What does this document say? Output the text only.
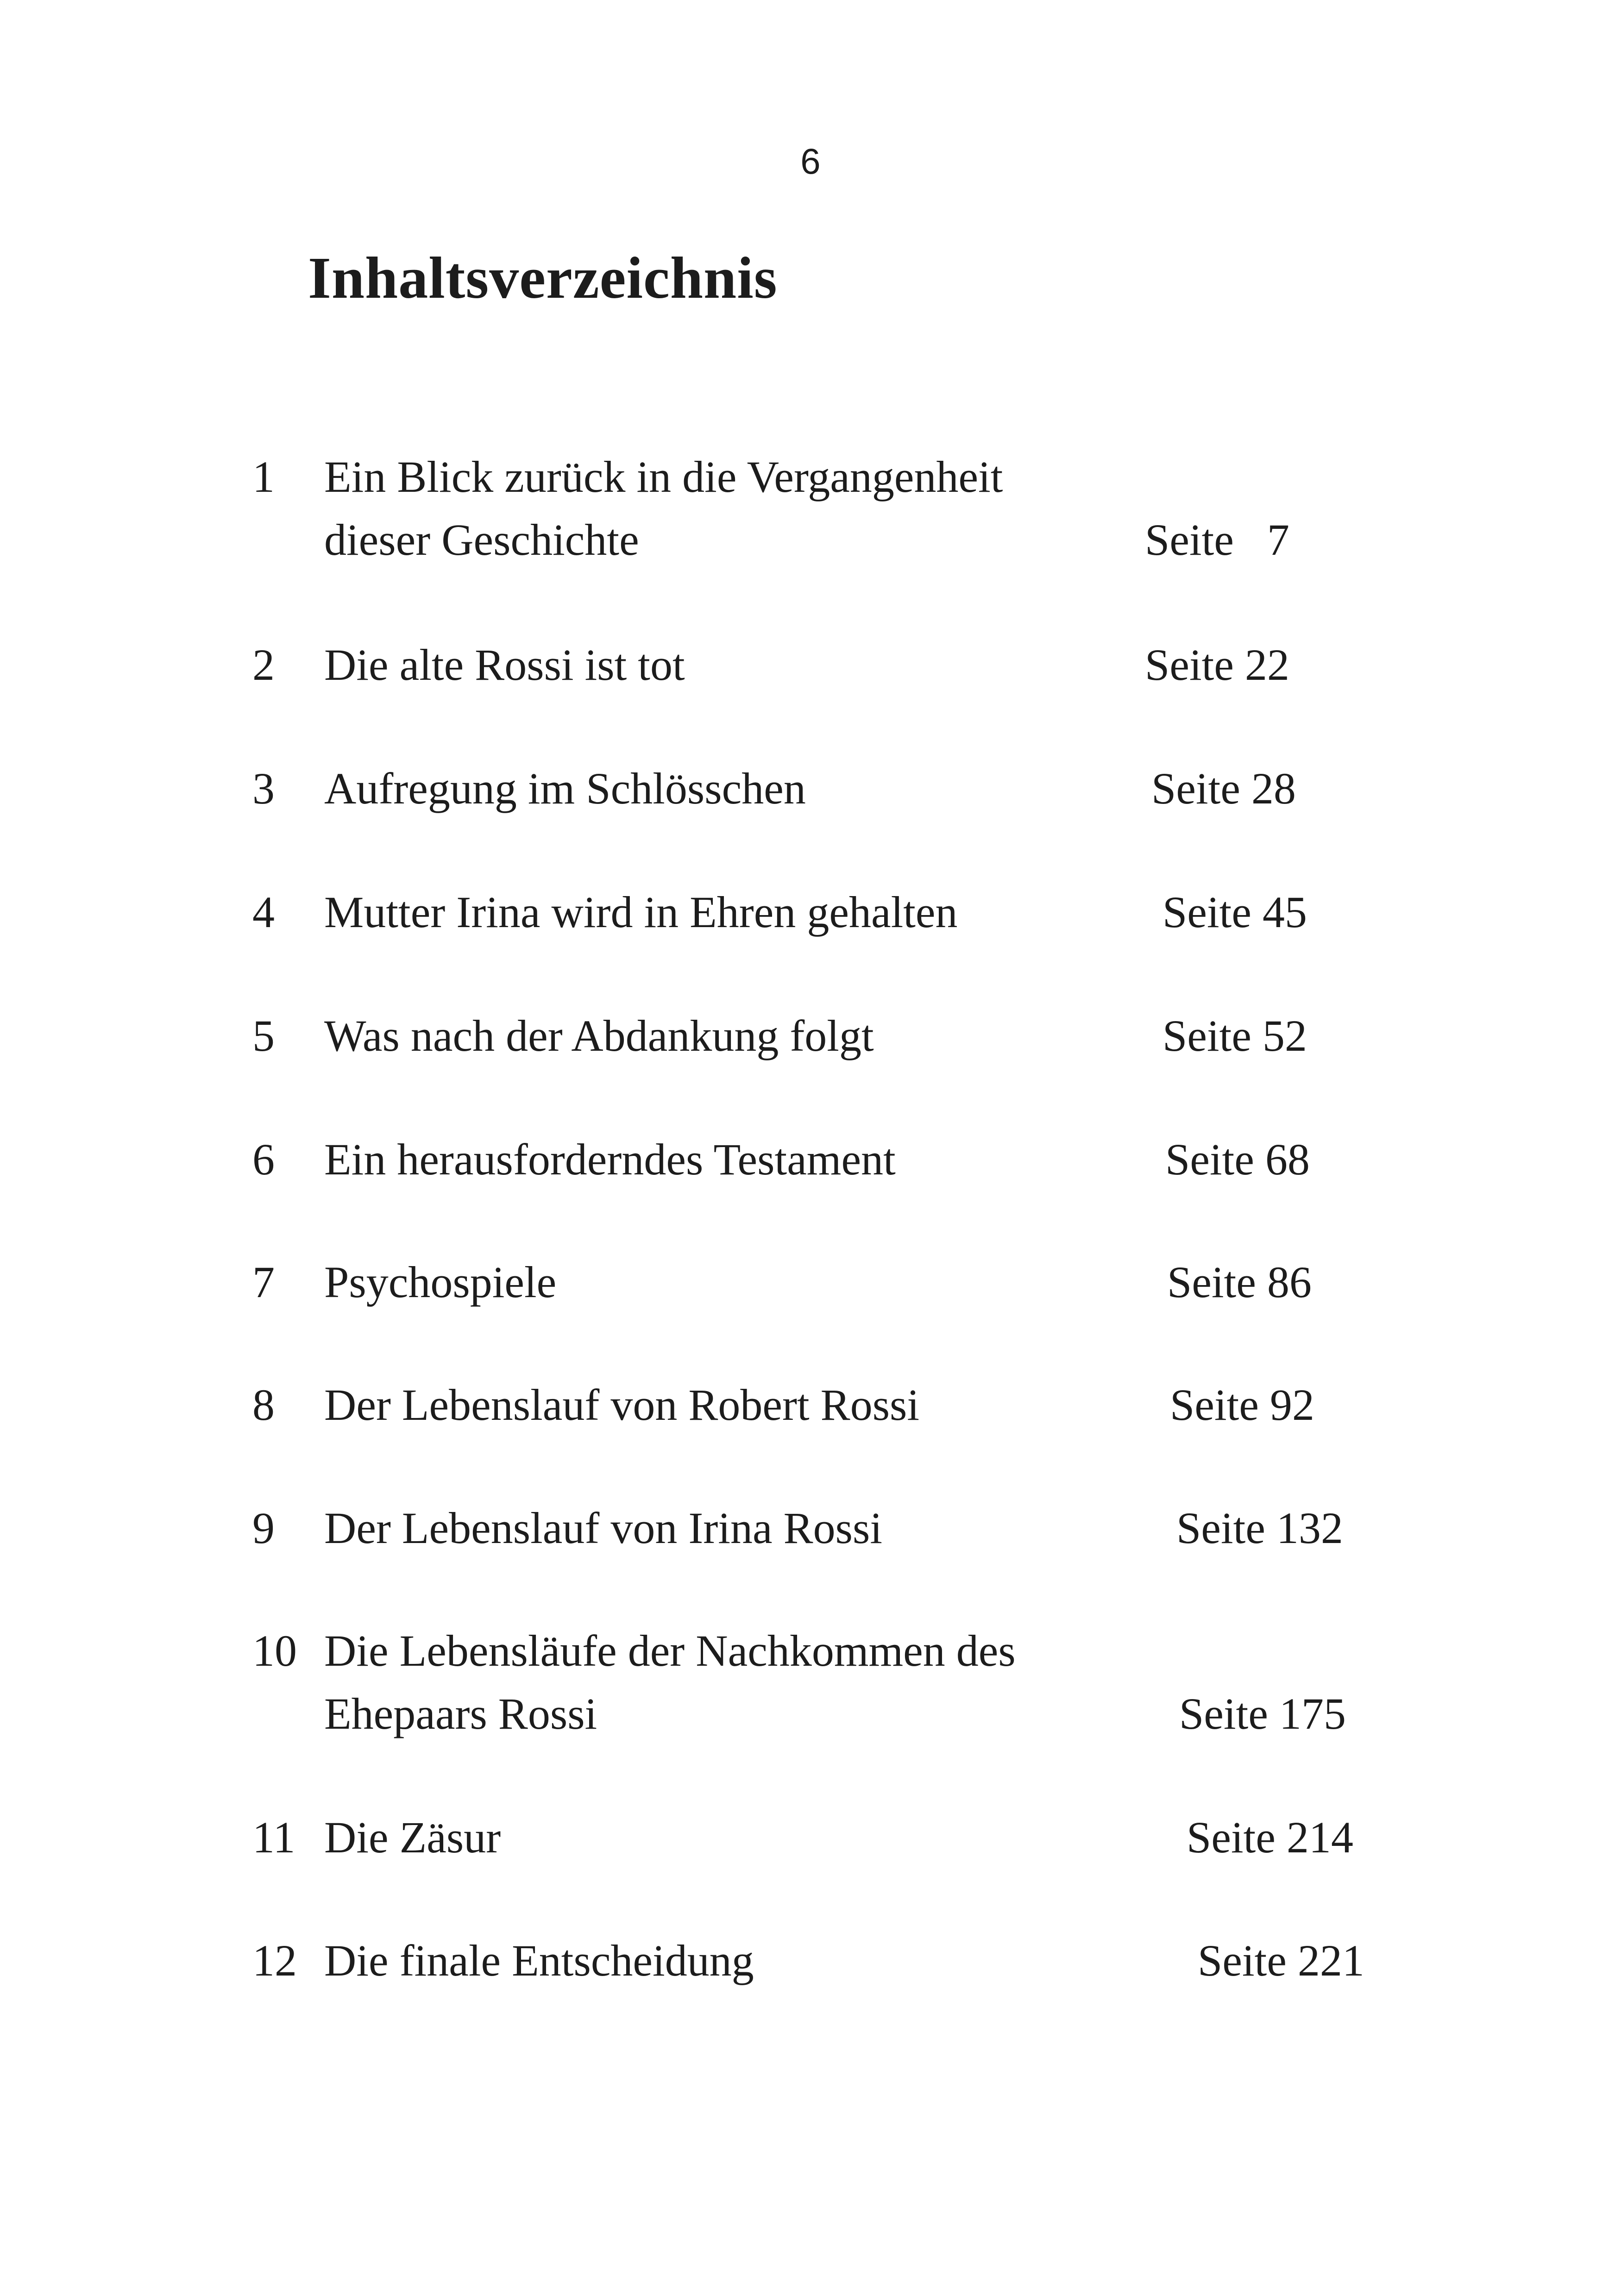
6
Inhaltsverzeichnis
1 Ein Blick zurück in die Vergangenheit
dieser Geschichte	Seite   7
2 Die alte Rossi ist tot	Seite 22
3 Aufregung im Schlösschen	Seite 28
4 Mutter Irina wird in Ehren gehalten	Seite 45
5 Was nach der Abdankung folgt	Seite 52
6 Ein herausforderndes Testament	Seite 68
7 Psychospiele	Seite 86
8 Der Lebenslauf von Robert Rossi	Seite 92
9 Der Lebenslauf von Irina Rossi	Seite 132
10 Die Lebensläufe der Nachkommen des
Ehepaars Rossi	Seite 175
11 Die Zäsur	Seite 214
12 Die finale Entscheidung	Seite 221
